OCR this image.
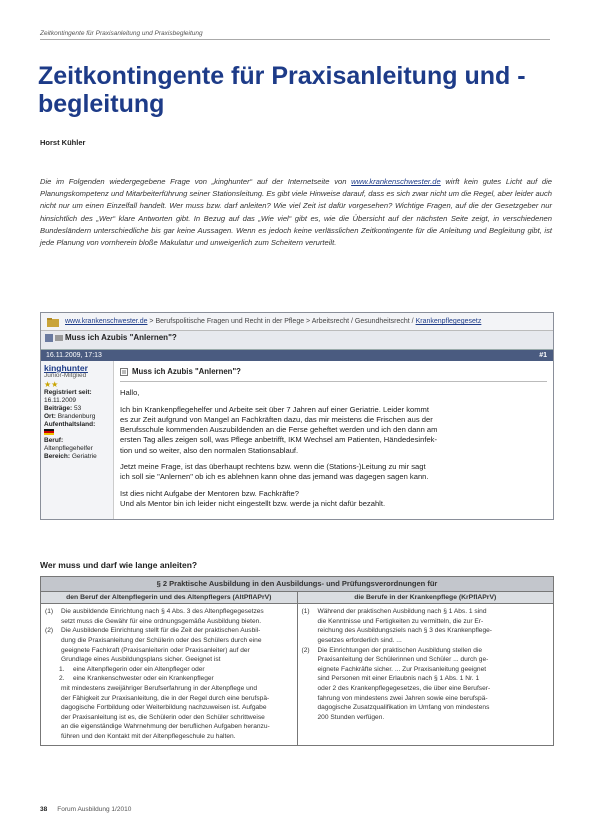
Zeitkontingente für Praxisanleitung und Praxisbegleitung
Zeitkontingente für Praxisanleitung und -begleitung
Horst Kühler
Die im Folgenden wiedergegebene Frage von „kinghunter“ auf der Internetseite von www.krankenschwester.de wirft kein gutes Licht auf die Planungskompetenz und Mitarbeiterführung seiner Stationsleitung. Es gibt viele Hinweise darauf, dass es sich zwar nicht um die Regel, aber leider auch nicht nur um einen Einzelfall handelt. Wer muss bzw. darf anleiten? Wie viel Zeit ist dafür vorgesehen? Wichtige Fragen, auf die der Gesetzgeber nur hinsichtlich des „Wer“ klare Antworten gibt. In Bezug auf das „Wie viel“ gibt es, wie die Übersicht auf der nächsten Seite zeigt, in verschiedenen Bundesländern unterschiedliche bis gar keine Aussagen. Wenn es jedoch keine verlässlichen Zeitkontingente für die Anleitung und Begleitung gibt, ist jede Planung von vornherein bloße Makulatur und unweigerlich zum Scheitern verurteilt.
www.krankenschwester.de > Berufspolitische Fragen und Recht in der Pflege > Arbeitsrecht / Gesundheitsrecht / Krankenpflegegesetz
Muss ich Azubis "Anlernen"?
16.11.2009, 17:13	#1
kinghunter
Junior-Mitglied
★★
Registriert seit: 16.11.2009
Beiträge: 53
Ort: Brandenburg
Aufenthaltsland:

Beruf: Altenpflegehelfer
Bereich: Geriatrie
Muss ich Azubis "Anlernen"?

Hallo,

Ich bin Krankenpflegehelfer und Arbeite seit über 7 Jahren auf einer Geriatrie. Leider kommt
es zur Zeit aufgrund von Mangel an Fachkräften dazu, das mir meistens die Frischen aus der
Berufsschule kommenden Auszubildenden an die Ferse geheftet werden und ich den dann am
ersten Tag alles zeigen soll, was Pflege anbetrifft, IKM Wechsel am Patienten, Händedesinfek-
tion und so weiter, also den normalen Stationsablauf.

Jetzt meine Frage, ist das überhaupt rechtens bzw. wenn die (Stations-)Leitung zu mir sagt
ich soll sie "Anlernen" ob ich es ablehnen kann ohne das jemand was dagegen sagen kann.

Ist dies nicht Aufgabe der Mentoren bzw. Fachkräfte?
Und als Mentor bin ich leider nicht eingestellt bzw. werde ja nicht dafür bezahlt.

Wer muss und darf wie lange anleiten?
§ 2 Praktische Ausbildung in den Ausbildungs- und Prüfungsverordnungen für
den Beruf der Altenpflegerin und des Altenpflegers (AltPflAPrV)	die Berufe in der Krankenpflege (KrPflAPrV)
(1)	Die ausbildende Einrichtung nach § 4 Abs. 3 des Altenpflegegesetzes
setzt muss die Gewähr für eine ordnungsgemäße Ausbildung bieten.
(2)	Die Ausbildende Einrichtung stellt für die Zeit der praktischen Ausbil-
dung die Praxisanleitung der Schülerin oder des Schülers durch eine
geeignete Fachkraft (Praxisanleiterin oder Praxisanleiter) auf der
Grundlage eines Ausbildungsplans sicher. Geeignet ist
1.	eine Altenpflegerin oder ein Altenpfleger oder
2.	eine Krankenschwester oder ein Krankenpfleger
mit mindestens zweijähriger Berufserfahrung in der Altenpflege und
der Fähigkeit zur Praxisanleitung, die in der Regel durch eine berufspä-
dagogische Fortbildung oder Weiterbildung nachzuweisen ist. Aufgabe
der Praxisanleitung ist es, die Schülerin oder den Schüler schrittweise
an die eigenständige Wahrnehmung der beruflichen Aufgaben heranzu-
führen und den Kontakt mit der Altenpflegeschule zu halten.
(1)	Während der praktischen Ausbildung nach § 1 Abs. 1 sind
die Kenntnisse und Fertigkeiten zu vermitteln, die zur Er-
reichung des Ausbildungsziels nach § 3 des Krankenpflege-
gesetzes erforderlich sind. ...
(2)	Die Einrichtungen der praktischen Ausbildung stellen die
Praxisanleitung der Schülerinnen und Schüler ... durch ge-
eignete Fachkräfte sicher. ... Zur Praxisanleitung geeignet
sind Personen mit einer Erlaubnis nach § 1 Abs. 1 Nr. 1
oder 2 des Krankenpflegegesetzes, die über eine Berufser-
fahrung von mindestens zwei Jahren sowie eine berufspä-
dagogische Zusatzqualifikation im Umfang von mindestens
200 Stunden verfügen.
38 Forum Ausbildung 1/2010
